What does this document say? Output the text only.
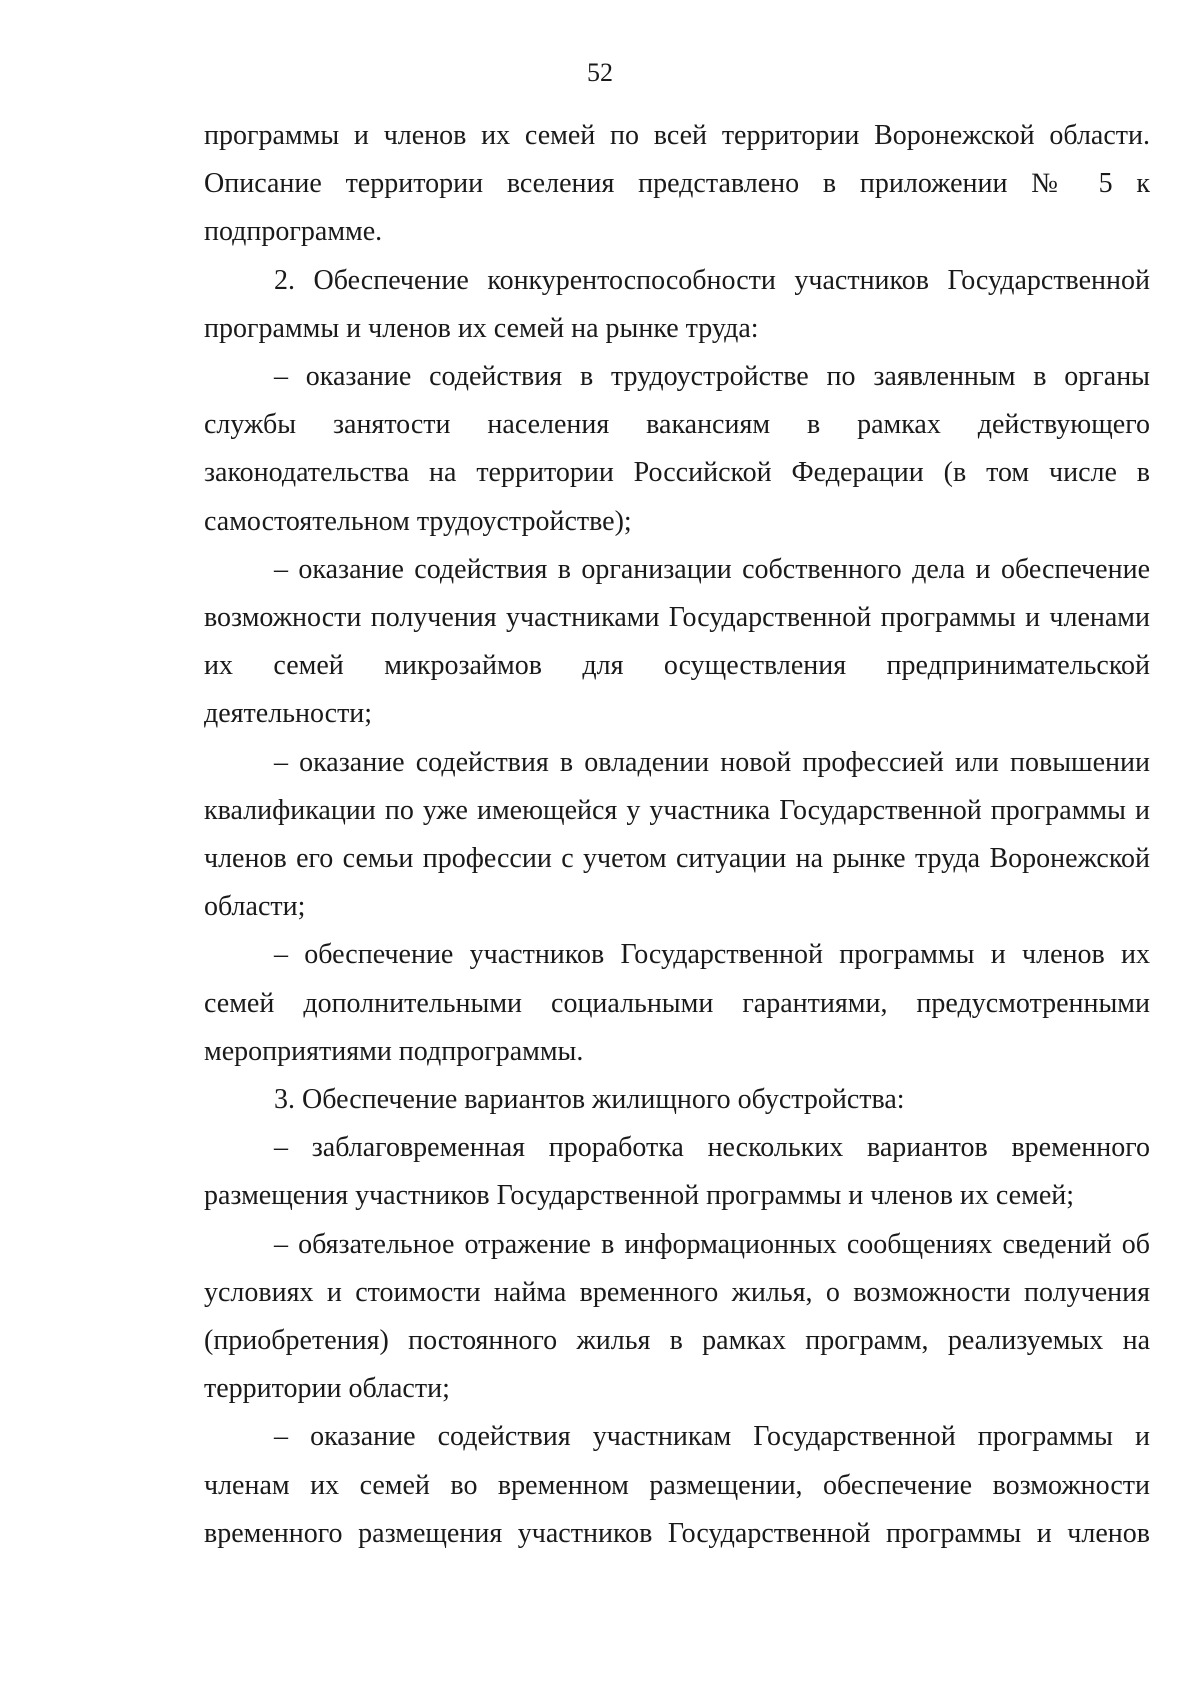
52

программы и членов их семей по всей территории Воронежской области. Описание территории вселения представлено в приложении № 5 к подпрограмме.

2. Обеспечение конкурентоспособности участников Государственной программы и членов их семей на рынке труда:

– оказание содействия в трудоустройстве по заявленным в органы службы занятости населения вакансиям в рамках действующего законодательства на территории Российской Федерации (в том числе в самостоятельном трудоустройстве);

– оказание содействия в организации собственного дела и обеспечение возможности получения участниками Государственной программы и членами их семей микрозаймов для осуществления предпринимательской деятельности;

– оказание содействия в овладении новой профессией или повышении квалификации по уже имеющейся у участника Государственной программы и членов его семьи профессии с учетом ситуации на рынке труда Воронежской области;

– обеспечение участников Государственной программы и членов их семей дополнительными социальными гарантиями, предусмотренными мероприятиями подпрограммы.

3. Обеспечение вариантов жилищного обустройства:

– заблаговременная проработка нескольких вариантов временного размещения участников Государственной программы и членов их семей;

– обязательное отражение в информационных сообщениях сведений об условиях и стоимости найма временного жилья, о возможности получения (приобретения) постоянного жилья в рамках программ, реализуемых на территории области;

– оказание содействия участникам Государственной программы и членам их семей во временном размещении, обеспечение возможности временного размещения участников Государственной программы и членов
